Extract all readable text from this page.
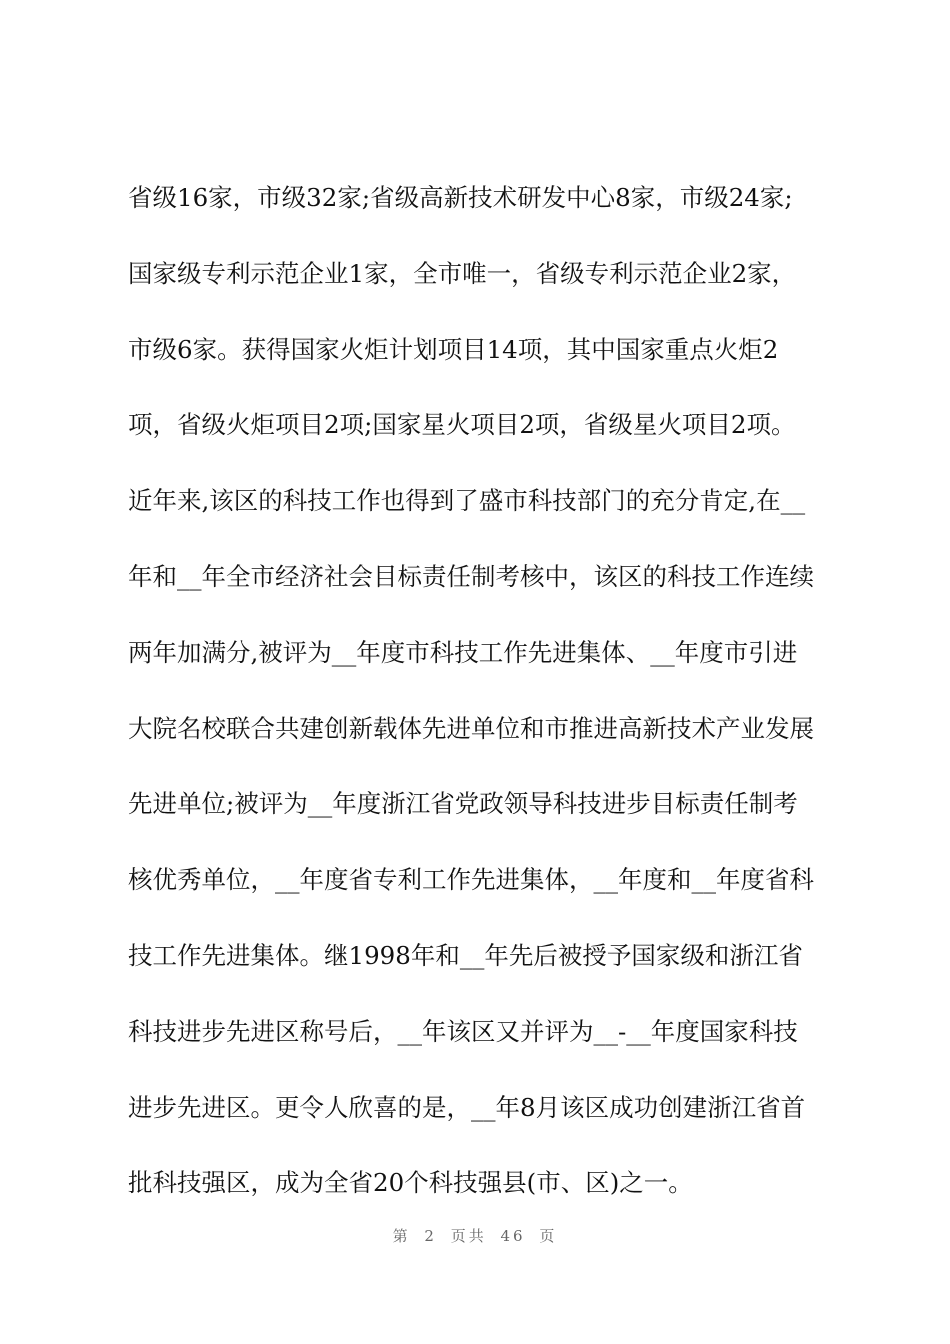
省级16家，市级32家;省级高新技术研发中心8家，市级24家;
国家级专利示范企业1家，全市唯一，省级专利示范企业2家，
市级6家。获得国家火炬计划项目14项，其中国家重点火炬2
项，省级火炬项目2项;国家星火项目2项，省级星火项目2项。
近年来,该区的科技工作也得到了盛市科技部门的充分肯定,在__
年和__年全市经济社会目标责任制考核中，该区的科技工作连续
两年加满分,被评为__年度市科技工作先进集体、__年度市引进
大院名校联合共建创新载体先进单位和市推进高新技术产业发展
先进单位;被评为__年度浙江省党政领导科技进步目标责任制考
核优秀单位，__年度省专利工作先进集体，__年度和__年度省科
技工作先进集体。继1998年和__年先后被授予国家级和浙江省
科技进步先进区称号后，__年该区又并评为__-__年度国家科技
进步先进区。更令人欣喜的是，__年8月该区成功创建浙江省首
批科技强区，成为全省20个科技强县(市、区)之一。
第 2 页共 46 页
